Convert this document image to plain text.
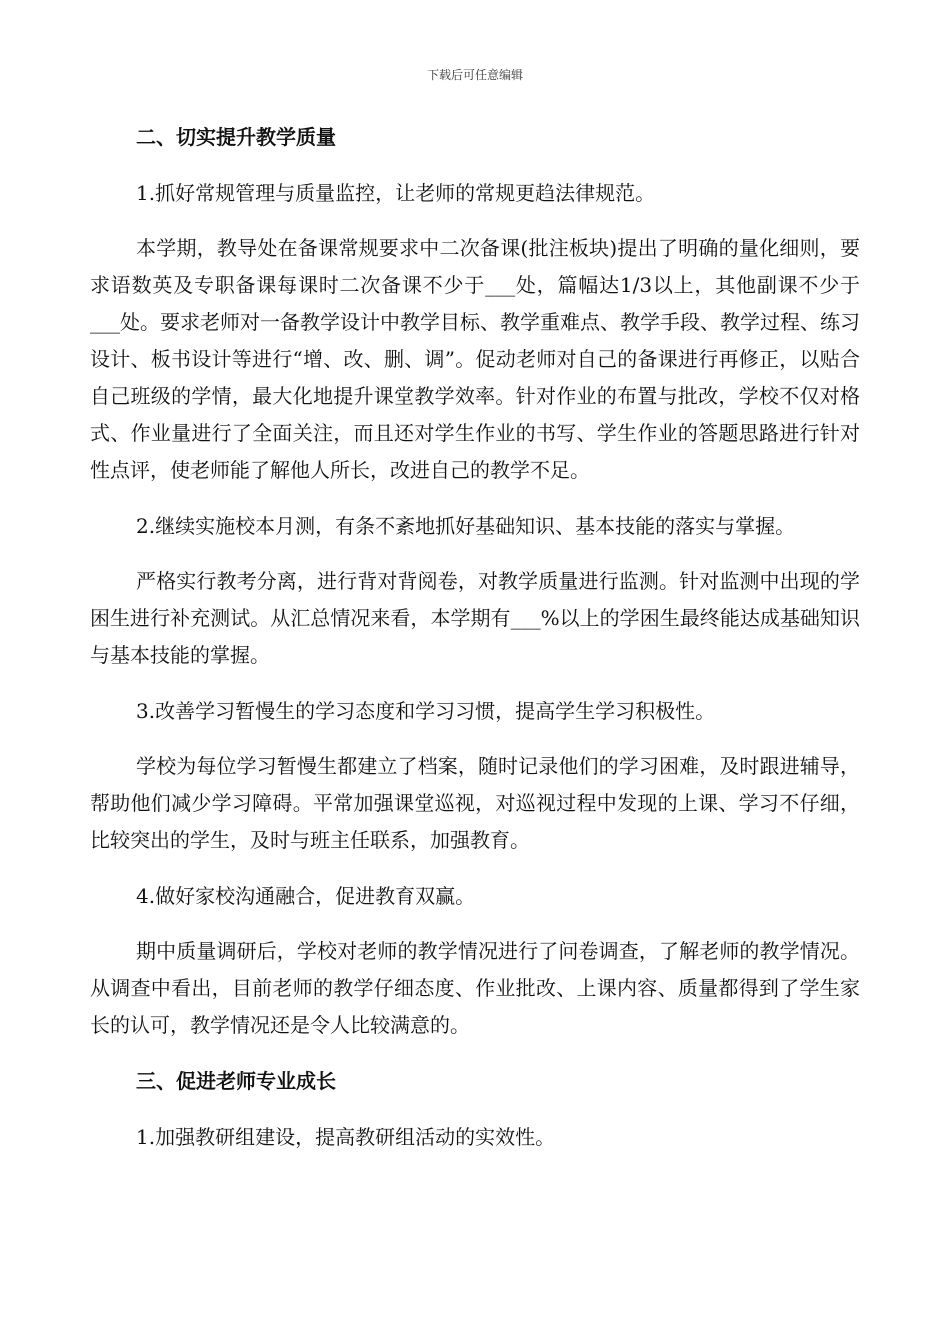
下载后可任意编辑
二、切实提升教学质量
1.抓好常规管理与质量监控，让老师的常规更趋法律规范。
本学期，教导处在备课常规要求中二次备课(批注板块)提出了明确的量化细则，要求语数英及专职备课每课时二次备课不少于___处，篇幅达1/3以上，其他副课不少于___处。要求老师对一备教学设计中教学目标、教学重难点、教学手段、教学过程、练习设计、板书设计等进行“增、改、删、调”。促动老师对自己的备课进行再修正，以贴合自己班级的学情，最大化地提升课堂教学效率。针对作业的布置与批改，学校不仅对格式、作业量进行了全面关注，而且还对学生作业的书写、学生作业的答题思路进行针对性点评，使老师能了解他人所长，改进自己的教学不足。
2.继续实施校本月测，有条不紊地抓好基础知识、基本技能的落实与掌握。
严格实行教考分离，进行背对背阅卷，对教学质量进行监测。针对监测中出现的学困生进行补充测试。从汇总情况来看，本学期有___%以上的学困生最终能达成基础知识与基本技能的掌握。
3.改善学习暂慢生的学习态度和学习习惯，提高学生学习积极性。
学校为每位学习暂慢生都建立了档案，随时记录他们的学习困难，及时跟进辅导，帮助他们减少学习障碍。平常加强课堂巡视，对巡视过程中发现的上课、学习不仔细，比较突出的学生，及时与班主任联系，加强教育。
4.做好家校沟通融合，促进教育双赢。
期中质量调研后，学校对老师的教学情况进行了问卷调查，了解老师的教学情况。从调查中看出，目前老师的教学仔细态度、作业批改、上课内容、质量都得到了学生家长的认可，教学情况还是令人比较满意的。
三、促进老师专业成长
1.加强教研组建设，提高教研组活动的实效性。
